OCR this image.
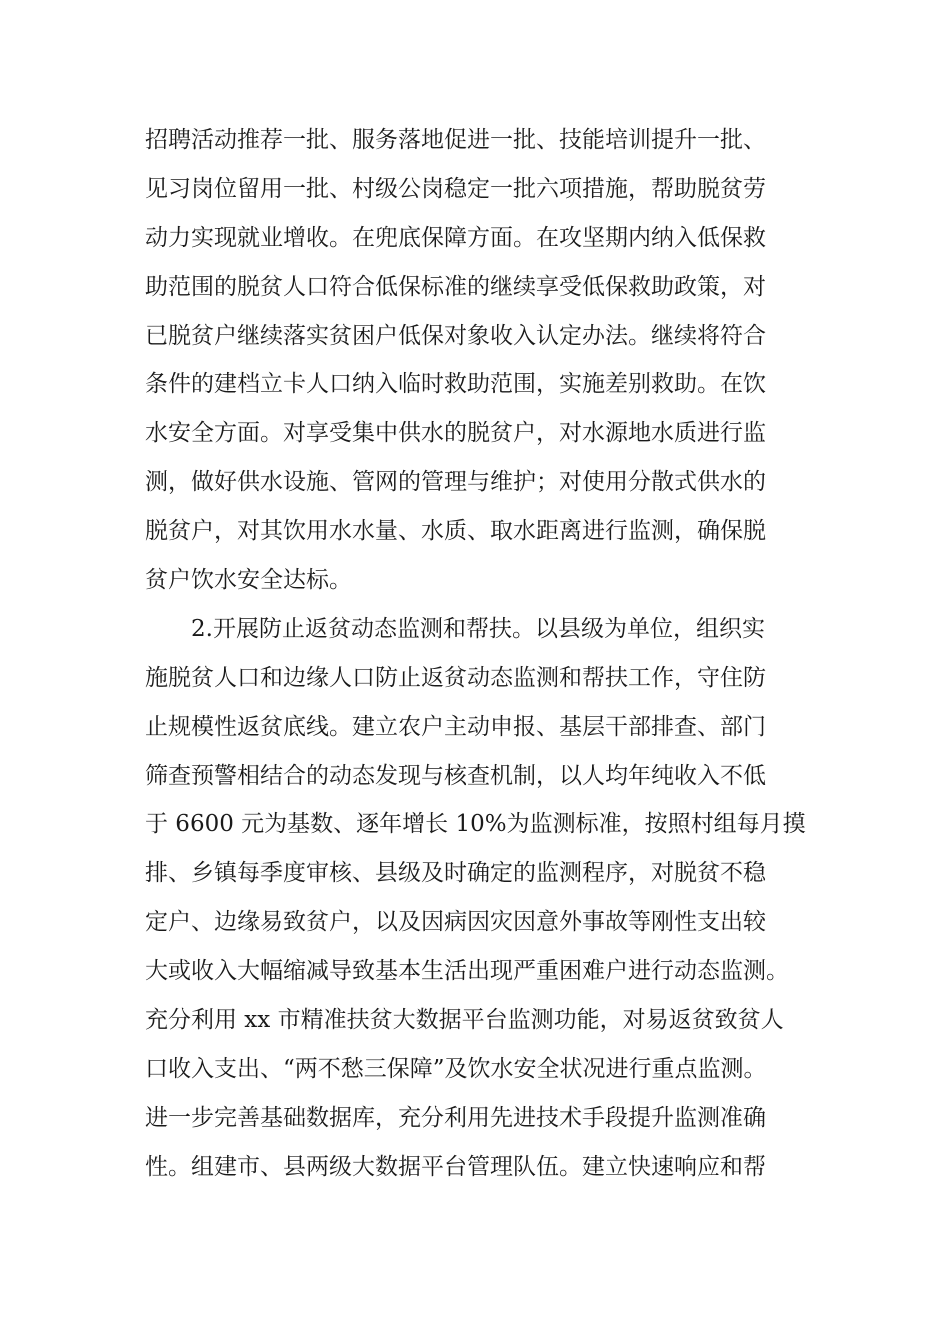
招聘活动推荐一批、服务落地促进一批、技能培训提升一批、
见习岗位留用一批、村级公岗稳定一批六项措施，帮助脱贫劳
动力实现就业增收。在兜底保障方面。在攻坚期内纳入低保救
助范围的脱贫人口符合低保标准的继续享受低保救助政策，对
已脱贫户继续落实贫困户低保对象收入认定办法。继续将符合
条件的建档立卡人口纳入临时救助范围，实施差别救助。在饮
水安全方面。对享受集中供水的脱贫户，对水源地水质进行监
测，做好供水设施、管网的管理与维护；对使用分散式供水的
脱贫户，对其饮用水水量、水质、取水距离进行监测，确保脱
贫户饮水安全达标。
2.开展防止返贫动态监测和帮扶。以县级为单位，组织实
施脱贫人口和边缘人口防止返贫动态监测和帮扶工作，守住防
止规模性返贫底线。建立农户主动申报、基层干部排查、部门
筛查预警相结合的动态发现与核查机制，以人均年纯收入不低
于 6600 元为基数、逐年增长 10%为监测标准，按照村组每月摸
排、乡镇每季度审核、县级及时确定的监测程序，对脱贫不稳
定户、边缘易致贫户，以及因病因灾因意外事故等刚性支出较
大或收入大幅缩减导致基本生活出现严重困难户进行动态监测。
充分利用 xx 市精准扶贫大数据平台监测功能，对易返贫致贫人
口收入支出、“两不愁三保障”及饮水安全状况进行重点监测。
进一步完善基础数据库，充分利用先进技术手段提升监测准确
性。组建市、县两级大数据平台管理队伍。建立快速响应和帮
